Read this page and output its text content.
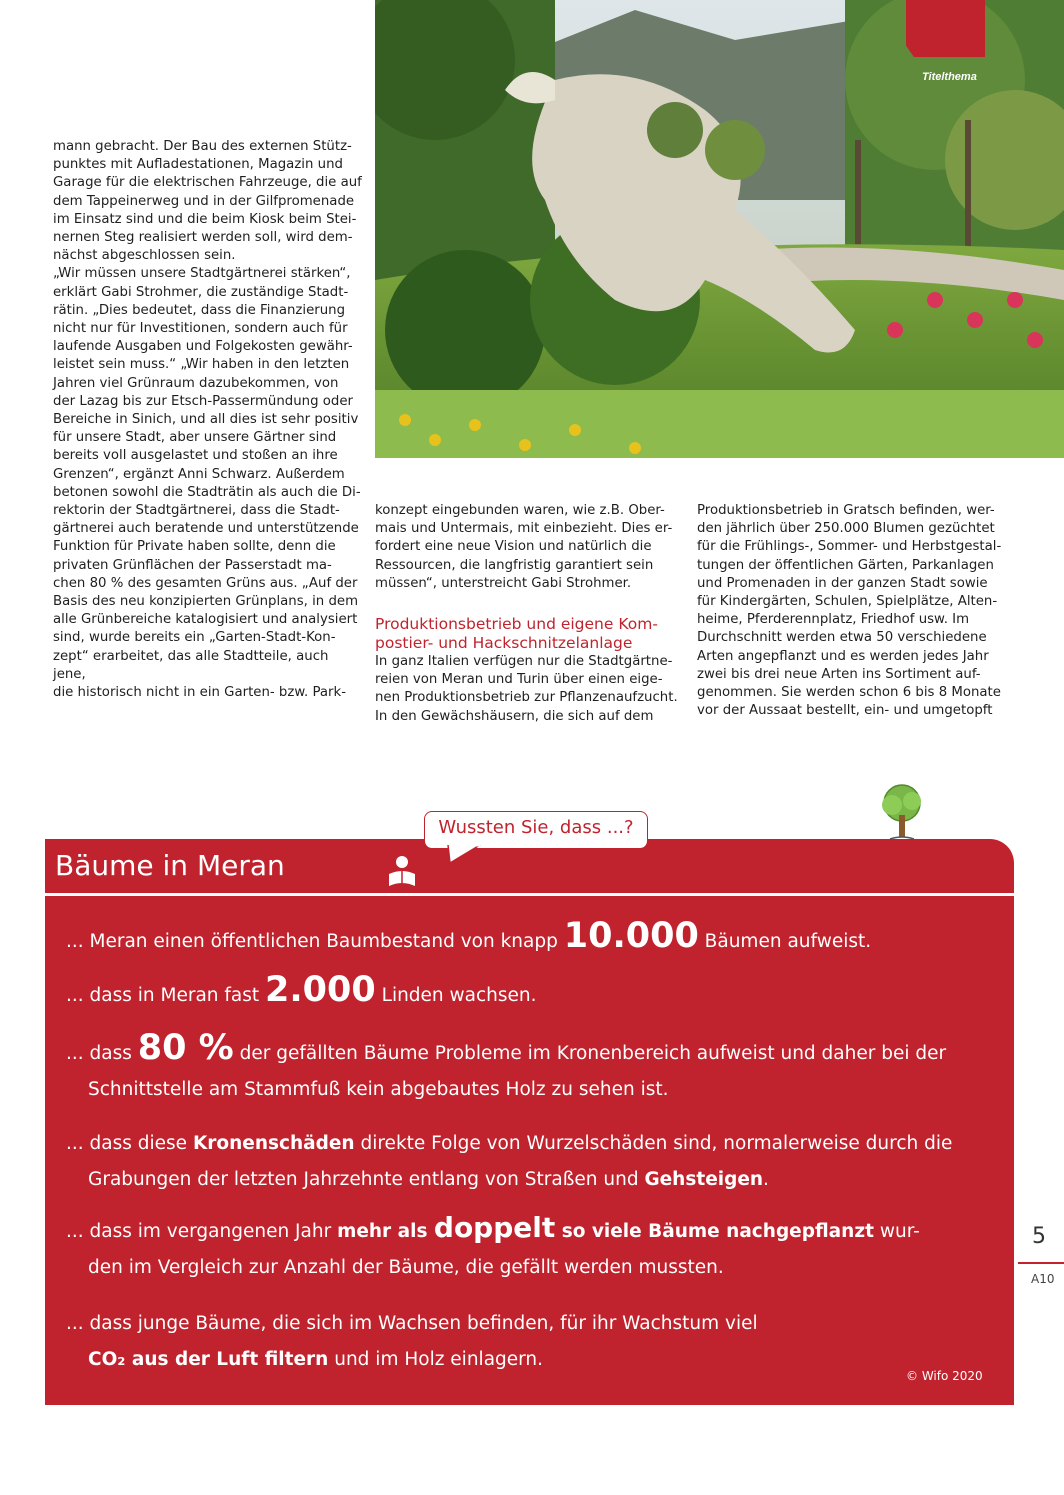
Titelthema

mann gebracht. Der Bau des externen Stütz-

punktes mit Aufladestationen, Magazin und

Garage für die elektrischen Fahrzeuge, die auf

dem Tappeinerweg und in der Gilfpromenade

im Einsatz sind und die beim Kiosk beim Stei-

nernen Steg realisiert werden soll, wird dem-

nächst abgeschlossen sein.

„Wir müssen unsere Stadtgärtnerei stärken“,

erklärt Gabi Strohmer, die zuständige Stadt-

rätin. „Dies bedeutet, dass die Finanzierung

nicht nur für Investitionen, sondern auch für

laufende Ausgaben und Folgekosten gewähr-

leistet sein muss.“ „Wir haben in den letzten

Jahren viel Grünraum dazubekommen, von

der Lazag bis zur Etsch-Passermündung oder

Bereiche in Sinich, und all dies ist sehr positiv

für unsere Stadt, aber unsere Gärtner sind

bereits voll ausgelastet und stoßen an ihre

Grenzen“, ergänzt Anni Schwarz. Außerdem

betonen sowohl die Stadträtin als auch die Di-

rektorin der Stadtgärtnerei, dass die Stadt-

gärtnerei auch beratende und unterstützende

Funktion für Private haben sollte, denn die

privaten Grünflächen der Passerstadt ma-

chen 80 % des gesamten Grüns aus. „Auf der

Basis des neu konzipierten Grünplans, in dem

alle Grünbereiche katalogisiert und analysiert

sind, wurde bereits ein „Garten-Stadt-Kon-

zept“ erarbeitet, das alle Stadtteile, auch jene,

die historisch nicht in ein Garten- bzw. Park-

konzept eingebunden waren, wie z.B. Ober-

mais und Untermais, mit einbezieht. Dies er-

fordert eine neue Vision und natürlich die

Ressourcen, die langfristig garantiert sein

müssen“, unterstreicht Gabi Strohmer.

Produktionsbetrieb und eigene Kom-
postier- und Hackschnitzelanlage

In ganz Italien verfügen nur die Stadtgärtne-

reien von Meran und Turin über einen eige-

nen Produktionsbetrieb zur Pflanzenaufzucht.

In den Gewächshäusern, die sich auf dem

Produktionsbetrieb in Gratsch befinden, wer-

den jährlich über 250.000 Blumen gezüchtet

für die Frühlings-, Sommer- und Herbstgestal-

tungen der öffentlichen Gärten, Parkanlagen

und Promenaden in der ganzen Stadt sowie

für Kindergärten, Schulen, Spielplätze, Alten-

heime, Pferderennplatz, Friedhof usw. Im

Durchschnitt werden etwa 50 verschiedene

Arten angepflanzt und es werden jedes Jahr

zwei bis drei neue Arten ins Sortiment auf-

genommen. Sie werden schon 6 bis 8 Monate

vor der Aussaat bestellt, ein- und umgetopft

Bäume in Meran
Wussten Sie, dass ...?
... Meran einen öffentlichen Baumbestand von knapp 10.000 Bäumen aufweist.
... dass in Meran fast 2.000 Linden wachsen.
... dass 80 % der gefällten Bäume Probleme im Kronenbereich aufweist und daher bei der
Schnittstelle am Stammfuß kein abgebautes Holz zu sehen ist.
... dass diese Kronenschäden direkte Folge von Wurzelschäden sind, normalerweise durch die
Grabungen der letzten Jahrzehnte entlang von Straßen und Gehsteigen.
... dass im vergangenen Jahr mehr als doppelt so viele Bäume nachgepflanzt wur-
den im Vergleich zur Anzahl der Bäume, die gefällt werden mussten.
... dass junge Bäume, die sich im Wachsen befinden, für ihr Wachstum viel
CO₂ aus der Luft filtern und im Holz einlagern.
© Wifo 2020
5
A10
